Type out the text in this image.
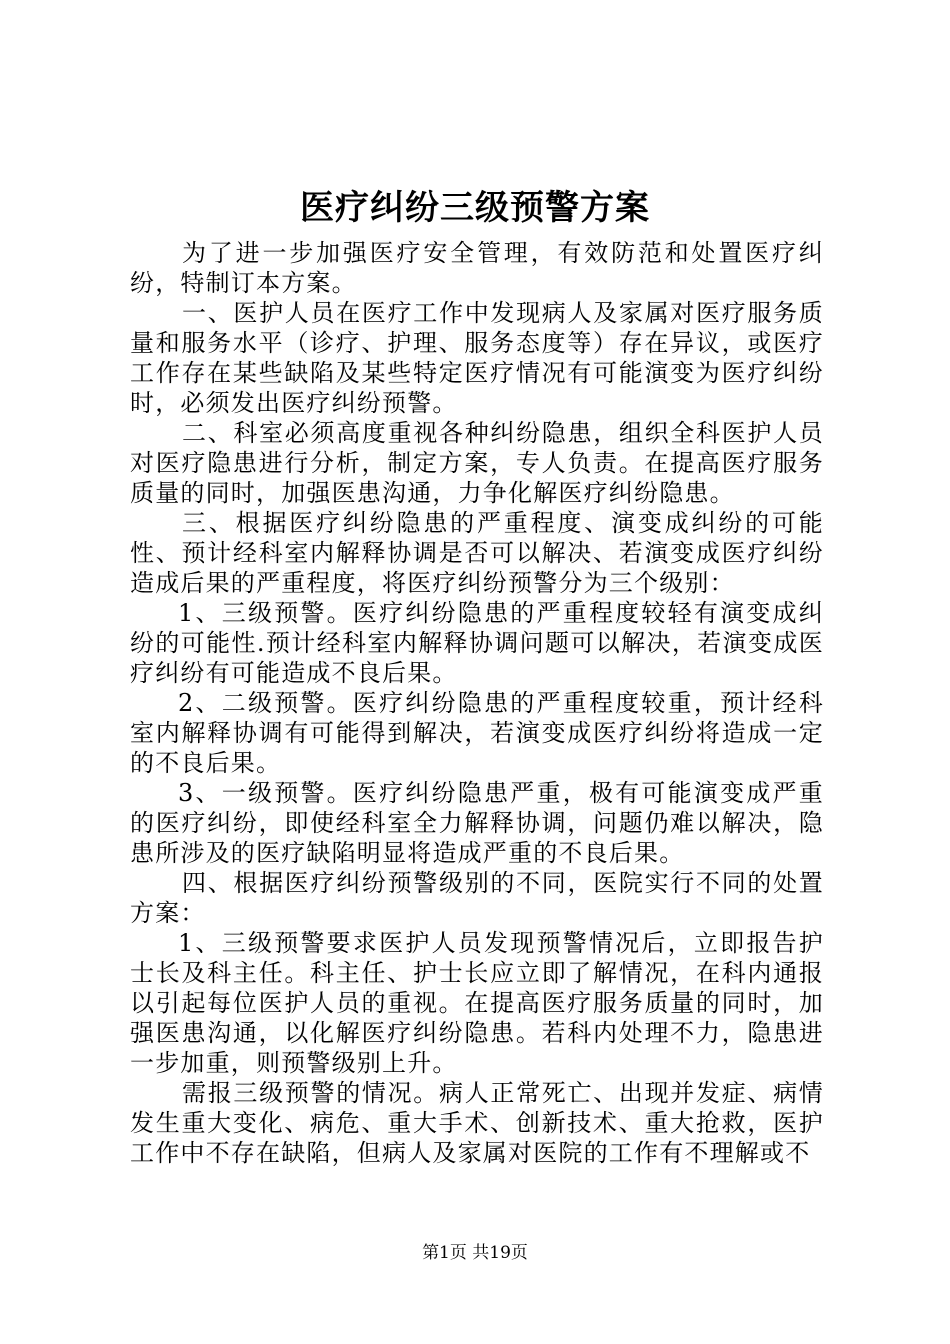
医疗纠纷三级预警方案

为了进一步加强医疗安全管理，有效防范和处置医疗纠纷，特制订本方案。

一、医护人员在医疗工作中发现病人及家属对医疗服务质量和服务水平（诊疗、护理、服务态度等）存在异议，或医疗工作存在某些缺陷及某些特定医疗情况有可能演变为医疗纠纷时，必须发出医疗纠纷预警。

二、科室必须高度重视各种纠纷隐患，组织全科医护人员对医疗隐患进行分析，制定方案，专人负责。在提高医疗服务质量的同时，加强医患沟通，力争化解医疗纠纷隐患。

三、根据医疗纠纷隐患的严重程度、演变成纠纷的可能性、预计经科室内解释协调是否可以解决、若演变成医疗纠纷造成后果的严重程度，将医疗纠纷预警分为三个级别：

1、三级预警。医疗纠纷隐患的严重程度较轻有演变成纠纷的可能性.预计经科室内解释协调问题可以解决，若演变成医疗纠纷有可能造成不良后果。

2、二级预警。医疗纠纷隐患的严重程度较重，预计经科室内解释协调有可能得到解决，若演变成医疗纠纷将造成一定的不良后果。

3、一级预警。医疗纠纷隐患严重，极有可能演变成严重的医疗纠纷，即使经科室全力解释协调，问题仍难以解决，隐患所涉及的医疗缺陷明显将造成严重的不良后果。

四、根据医疗纠纷预警级别的不同，医院实行不同的处置方案：

1、三级预警要求医护人员发现预警情况后，立即报告护士长及科主任。科主任、护士长应立即了解情况，在科内通报以引起每位医护人员的重视。在提高医疗服务质量的同时，加强医患沟通，以化解医疗纠纷隐患。若科内处理不力，隐患进一步加重，则预警级别上升。

需报三级预警的情况。病人正常死亡、出现并发症、病情发生重大变化、病危、重大手术、创新技术、重大抢救，医护工作中不存在缺陷，但病人及家属对医院的工作有不理解或不

第1页 共19页
